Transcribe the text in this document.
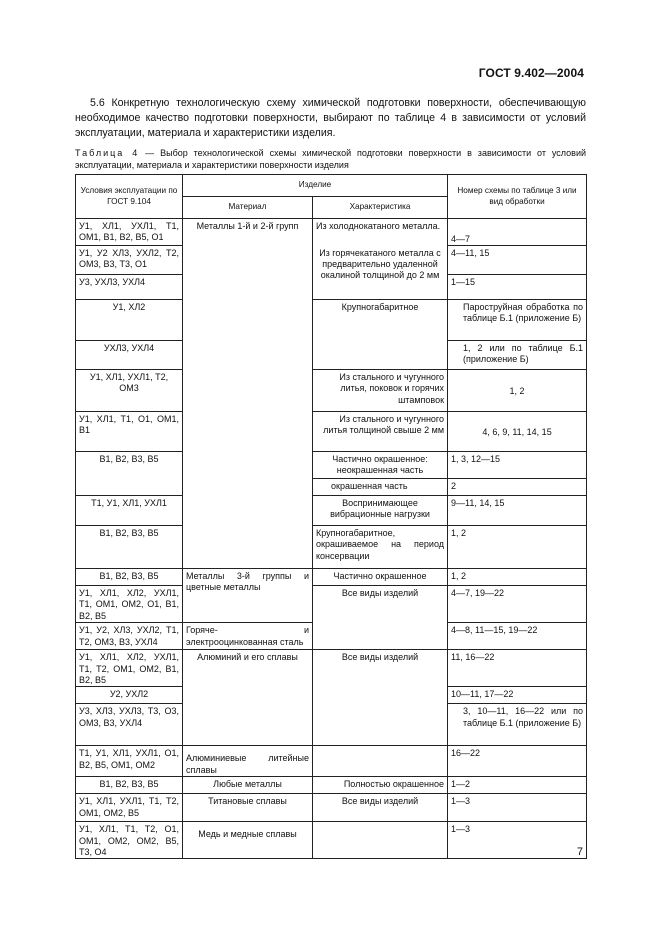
ГОСТ 9.402—2004
5.6 Конкретную технологическую схему химической подготовки поверхности, обеспечивающую необходимое качество подготовки поверхности, выбирают по таблице 4 в зависимости от условий эксплуатации, материала и характеристики изделия.
Таблица 4 — Выбор технологической схемы химической подготовки поверхности в зависимости от условий эксплуатации, материала и характеристики поверхности изделия
Условия эксплуатации по ГОСТ 9.104	Изделие		Номер схемы по таблице 3 или вид обработки
	Материал	Характеристика	
У1, ХЛ1, УХЛ1, Т1, ОМ1, В1, В2, В5, О1	Металлы 1-й и 2-й групп	Из холоднокатаного металла.	4—7
У1, У2 ХЛ3, УХЛ2, Т2, ОМ3, В3, Т3, О1		Из горячекатаного металла с предварительно удаленной окалиной толщиной до 2 мм	4—11, 15
У3, УХЛ3, УХЛ4			1—15
У1, ХЛ2		Крупногабаритное	Пароструйная обработка по таблице Б.1 (приложение Б)
УХЛ3, УХЛ4			1, 2 или по таблице Б.1 (приложение Б)
У1, ХЛ1, УХЛ1, Т2, ОМ3		Из стального и чугунного литья, поковок и горячих штамповок	1, 2
У1, ХЛ1, Т1, О1, ОМ1, В1		Из стального и чугунного литья толщиной свыше 2 мм	4, 6, 9, 11, 14, 15
В1, В2, В3, В5		Частично окрашенное: неокрашенная часть	1, 3, 12—15
		окрашенная часть	2
Т1, У1, ХЛ1, УХЛ1		Воспринимающее вибрационные нагрузки	9—11, 14, 15
В1, В2, В3, В5		Крупногабаритное, окрашиваемое на период консервации	1, 2
В1, В2, В3, В5	Металлы 3-й группы и цветные металлы	Частично окрашенное	1, 2
У1, ХЛ1, ХЛ2, УХЛ1, Т1, ОМ1, ОМ2, О1, В1, В2, В5		Все виды изделий	4—7, 19—22
У1, У2, ХЛ3, УХЛ2, Т1, Т2, ОМ3, В3, УХЛ4	Горяче- и электрооцинкованная сталь		4—8, 11—15, 19—22
У1, ХЛ1, ХЛ2, УХЛ1, Т1, Т2, ОМ1, ОМ2, В1, В2, В5	Алюминий и его сплавы	Все виды изделий	11, 16—22
У2, УХЛ2			10—11, 17—22
У3, ХЛ3, УХЛ3, Т3, О3, ОМ3, В3, УХЛ4			3, 10—11, 16—22 или по таблице Б.1 (приложение Б)
Т1, У1, ХЛ1, УХЛ1, О1, В2, В5, ОМ1, ОМ2	Алюминиевые литейные сплавы		16—22
В1, В2, В3, В5	Любые металлы	Полностью окрашенное	1—2
У1, ХЛ1, УХЛ1, Т1, Т2, ОМ1, ОМ2, В5	Титановые сплавы	Все виды изделий	1—3
У1, ХЛ1, Т1, Т2, О1, ОМ1, ОМ2, ОМ2, В5, Т3, О4	Медь и медные сплавы		1—3
7
